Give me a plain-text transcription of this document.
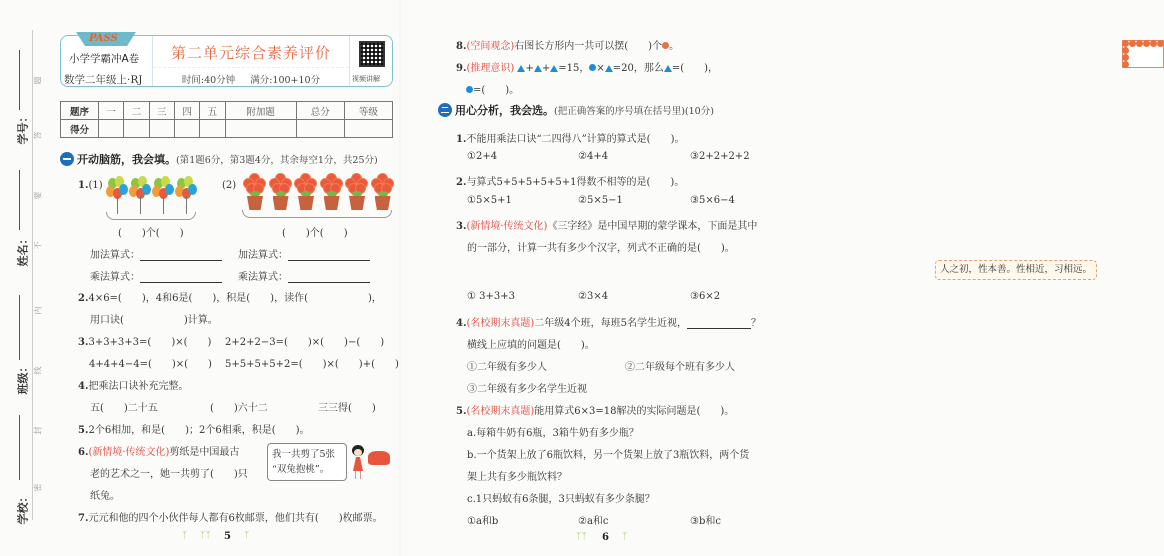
题
答
要
不
内
线
封
密
学号：
姓名：
班级：
学校：
PASS
小学学霸冲A卷
数学二年级上·RJ
第二单元综合素养评价
时间:40分钟 满分:100+10分	视频讲解
题序	一	二	三	四	五	附加题	总分	等级
得分								
开动脑筋，我会填。 (第1题6分，第3题4分，其余每空1分，共25分)
1.(1)
(　　)个(　　)
(2)
(　　)个(　　)
加法算式：	加法算式：
乘法算式：	乘法算式：
2.4×6=(　　)，4和6是(　　)，积是(　　)，读作(　　　　　　)，
用口诀(　　　　　　)计算。
3.3+3+3+3=(　　)×(　　) 2+2+2−3=(　　)×(　　)−(　　)
4+4+4−4=(　　)×(　　) 5+5+5+5+2=(　　)×(　　)+(　　)
4.把乘法口诀补充完整。
五(　　)二十五	(　　)六十二	三三得(　　)
5.2个6相加，和是(　　)；2个6相乘，积是(　　)。
6.(新情境·传统文化)剪纸是中国最古
老的艺术之一，她一共剪了(　　)只
纸兔。
我一共剪了5张
“双兔抱桃”。
7.元元和他的四个小伙伴每人都有6枚邮票，他们共有(　　)枚邮票。
ᛉ ᛉᛉ 5 ᛉ
8.(空间观念)右图长方形内一共可以摆(　　)个 。
9.(推理意识) + + =15， × =20，那么 =(　　)，
=(　　)。
用心分析，我会选。 (把正确答案的序号填在括号里)(10分)
1.不能用乘法口诀“二四得八”计算的算式是(　　)。
①2+4	②4+4	③2+2+2+2
2.与算式5+5+5+5+5+1得数不相等的是(　　)。
①5×5+1	②5×5−1	③5×6−4
3.(新情境·传统文化)《三字经》是中国早期的蒙学课本，下面是其中
的一部分，计算一共有多少个汉字，列式不正确的是(　　)。
人之初，性本善。性相近，习相远。
① 3+3+3	②3×4	③6×2
4.(名校期末真题)二年级4个班，每班5名学生近视，	？
横线上应填的问题是(　　)。
①二年级有多少人	②二年级每个班有多少人
③二年级有多少名学生近视
5.(名校期末真题)能用算式6×3=18解决的实际问题是(　　)。
a.每箱牛奶有6瓶，3箱牛奶有多少瓶？
b.一个货架上放了6瓶饮料，另一个货架上放了3瓶饮料，两个货
架上共有多少瓶饮料？
c.1只蚂蚁有6条腿，3只蚂蚁有多少条腿？
①a和b	②a和c	③b和c
ᛉᛉ 6 ᛉ
